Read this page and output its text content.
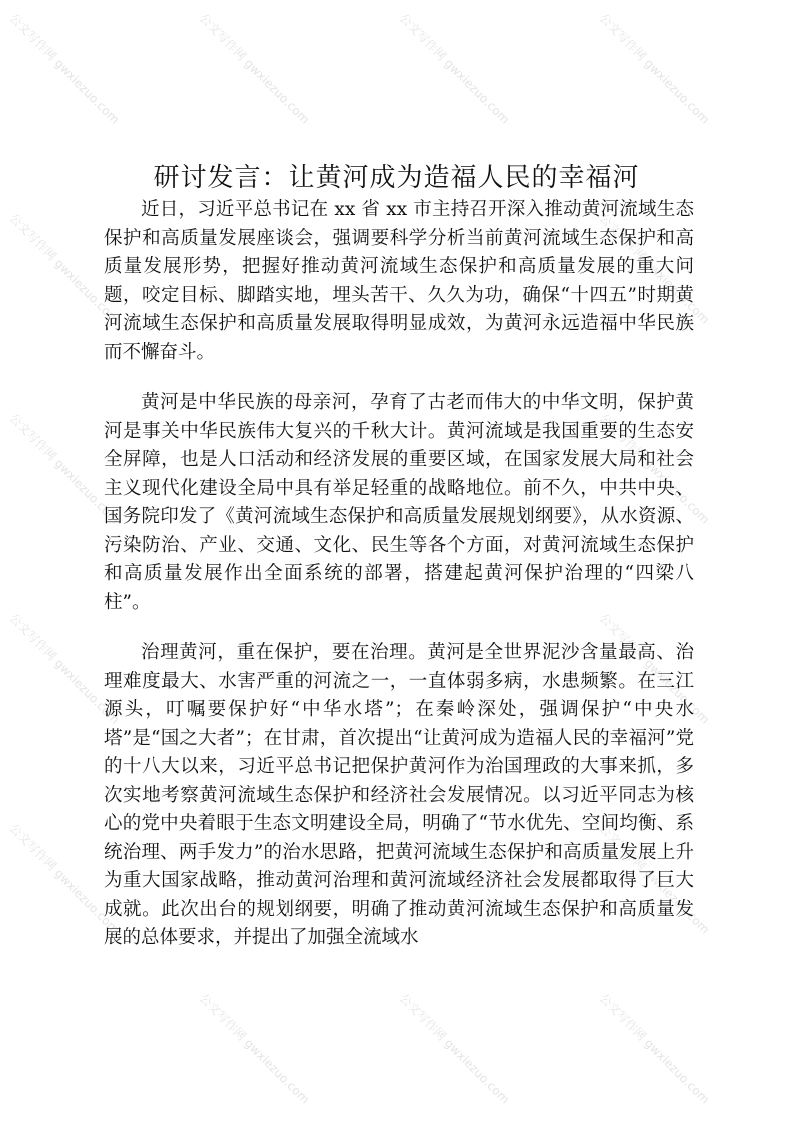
公文写作网 gwxiezuo.com	公文写作网 gwxiezuo.com	公文写作网 gwxiezuo.com	公文写作网 gwxiezuo.com
公文写作网 gwxiezuo.com	公文写作网 gwxiezuo.com
公文写作网 gwxiezuo.com	公文写作网 gwxiezuo.com
公文写作网 gwxiezuo.com	公文写作网 gwxiezuo.com
公文写作网 gwxiezuo.com	公文写作网 gwxiezuo.com
公文写作网 gwxiezuo.com	公文写作网 gwxiezuo.com	公文写作网 gwxiezuo.com
研讨发言：让黄河成为造福人民的幸福河

近日，习近平总书记在 xx 省 xx 市主持召开深入推动黄河流域生态保护和高质量发展座谈会，强调要科学分析当前黄河流域生态保护和高质量发展形势，把握好推动黄河流域生态保护和高质量发展的重大问题，咬定目标、脚踏实地，埋头苦干、久久为功，确保“十四五”时期黄河流域生态保护和高质量发展取得明显成效，为黄河永远造福中华民族而不懈奋斗。

黄河是中华民族的母亲河，孕育了古老而伟大的中华文明，保护黄河是事关中华民族伟大复兴的千秋大计。黄河流域是我国重要的生态安全屏障，也是人口活动和经济发展的重要区域，在国家发展大局和社会主义现代化建设全局中具有举足轻重的战略地位。前不久，中共中央、国务院印发了《黄河流域生态保护和高质量发展规划纲要》，从水资源、污染防治、产业、交通、文化、民生等各个方面，对黄河流域生态保护和高质量发展作出全面系统的部署，搭建起黄河保护治理的“四梁八柱”。

治理黄河，重在保护，要在治理。黄河是全世界泥沙含量最高、治理难度最大、水害严重的河流之一，一直体弱多病，水患频繁。在三江源头，叮嘱要保护好“中华水塔”；在秦岭深处，强调保护“中央水塔”是“国之大者”；在甘肃，首次提出“让黄河成为造福人民的幸福河”党的十八大以来，习近平总书记把保护黄河作为治国理政的大事来抓，多次实地考察黄河流域生态保护和经济社会发展情况。以习近平同志为核心的党中央着眼于生态文明建设全局，明确了“节水优先、空间均衡、系统治理、两手发力”的治水思路，把黄河流域生态保护和高质量发展上升为重大国家战略，推动黄河治理和黄河流域经济社会发展都取得了巨大成就。此次出台的规划纲要，明确了推动黄河流域生态保护和高质量发展的总体要求，并提出了加强全流域水
